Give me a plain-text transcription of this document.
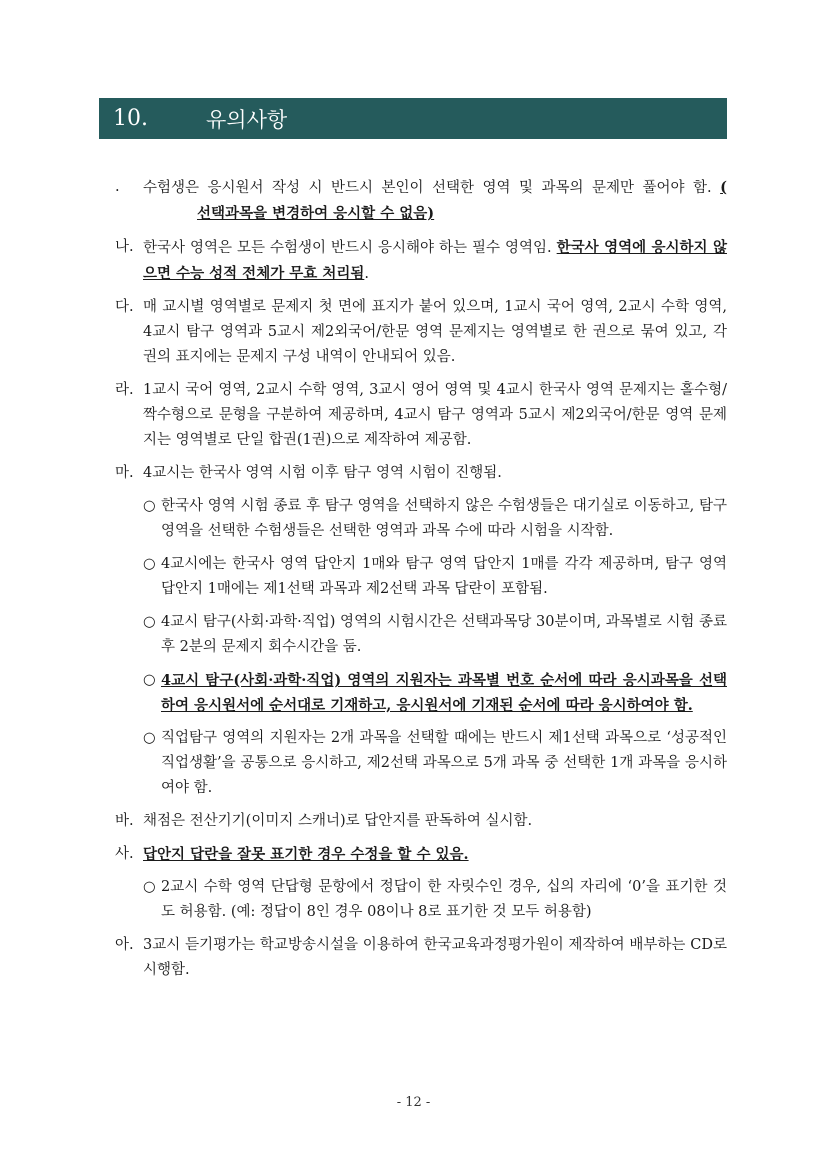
10.	유의사항
.	수험생은 응시원서 작성 시 반드시 본인이 선택한 영역 및 과목의 문제만 풀어야 함. (선택과목을 변경하여 응시할 수 없음)
나. 한국사 영역은 모든 수험생이 반드시 응시해야 하는 필수 영역임. 한국사 영역에 응시하지 않으면 수능 성적 전체가 무효 처리됨.
다. 매 교시별 영역별로 문제지 첫 면에 표지가 붙어 있으며, 1교시 국어 영역, 2교시 수학 영역, 4교시 탐구 영역과 5교시 제2외국어/한문 영역 문제지는 영역별로 한 권으로 묶여 있고, 각 권의 표지에는 문제지 구성 내역이 안내되어 있음.
라. 1교시 국어 영역, 2교시 수학 영역, 3교시 영어 영역 및 4교시 한국사 영역 문제지는 홀수형/짝수형으로 문형을 구분하여 제공하며, 4교시 탐구 영역과 5교시 제2외국어/한문 영역 문제지는 영역별로 단일 합권(1권)으로 제작하여 제공함.
마. 4교시는 한국사 영역 시험 이후 탐구 영역 시험이 진행됨.
○ 한국사 영역 시험 종료 후 탐구 영역을 선택하지 않은 수험생들은 대기실로 이동하고, 탐구 영역을 선택한 수험생들은 선택한 영역과 과목 수에 따라 시험을 시작함.
○ 4교시에는 한국사 영역 답안지 1매와 탐구 영역 답안지 1매를 각각 제공하며, 탐구 영역 답안지 1매에는 제1선택 과목과 제2선택 과목 답란이 포함됨.
○ 4교시 탐구(사회·과학·직업) 영역의 시험시간은 선택과목당 30분이며, 과목별로 시험 종료 후 2분의 문제지 회수시간을 둠.
○ 4교시 탐구(사회·과학·직업) 영역의 지원자는 과목별 번호 순서에 따라 응시과목을 선택하여 응시원서에 순서대로 기재하고, 응시원서에 기재된 순서에 따라 응시하여야 함.
○ 직업탐구 영역의 지원자는 2개 과목을 선택할 때에는 반드시 제1선택 과목으로 ‘성공적인 직업생활’을 공통으로 응시하고, 제2선택 과목으로 5개 과목 중 선택한 1개 과목을 응시하여야 함.
바. 채점은 전산기기(이미지 스캐너)로 답안지를 판독하여 실시함.
사. 답안지 답란을 잘못 표기한 경우 수정을 할 수 있음.
○ 2교시 수학 영역 단답형 문항에서 정답이 한 자릿수인 경우, 십의 자리에 ‘0’을 표기한 것도 허용함. (예: 정답이 8인 경우 08이나 8로 표기한 것 모두 허용함)
아. 3교시 듣기평가는 학교방송시설을 이용하여 한국교육과정평가원이 제작하여 배부하는 CD로 시행함.
- 12 -
